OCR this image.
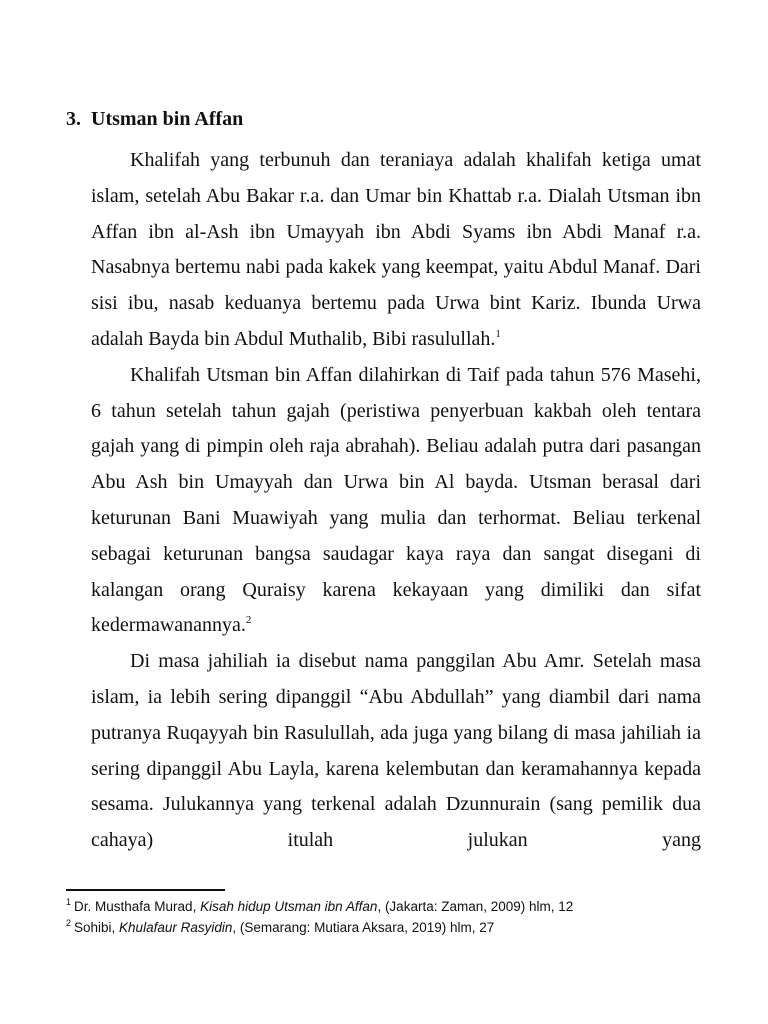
3. Utsman bin Affan

Khalifah yang terbunuh dan teraniaya adalah khalifah ketiga umat islam, setelah Abu Bakar r.a. dan Umar bin Khattab r.a. Dialah Utsman ibn Affan ibn al-Ash ibn Umayyah ibn Abdi Syams ibn Abdi Manaf r.a. Nasabnya bertemu nabi pada kakek yang keempat, yaitu Abdul Manaf. Dari sisi ibu, nasab keduanya bertemu pada Urwa bint Kariz. Ibunda Urwa adalah Bayda bin Abdul Muthalib, Bibi rasulullah.$^1$

Khalifah Utsman bin Affan dilahirkan di Taif pada tahun 576 Masehi, 6 tahun setelah tahun gajah (peristiwa penyerbuan kakbah oleh tentara gajah yang di pimpin oleh raja abrahah). Beliau adalah putra dari pasangan Abu Ash bin Umayyah dan Urwa bin Al bayda. Utsman berasal dari keturunan Bani Muawiyah yang mulia dan terhormat. Beliau terkenal sebagai keturunan bangsa saudagar kaya raya dan sangat disegani di kalangan orang Quraisy karena kekayaan yang dimiliki dan sifat kedermawanannya.$^2$

Di masa jahiliah ia disebut nama panggilan Abu Amr. Setelah masa islam, ia lebih sering dipanggil “Abu Abdullah” yang diambil dari nama putranya Ruqayyah bin Rasulullah, ada juga yang bilang di masa jahiliah ia sering dipanggil Abu Layla, karena kelembutan dan keramahannya kepada sesama. Julukannya yang terkenal adalah Dzunnurain (sang pemilik dua cahaya) itulah julukan yang

$^1$ Dr. Musthafa Murad, Kisah hidup Utsman ibn Affan, (Jakarta: Zaman, 2009) hlm, 12
$^2$ Sohibi, Khulafaur Rasyidin, (Semarang: Mutiara Aksara, 2019) hlm, 27
